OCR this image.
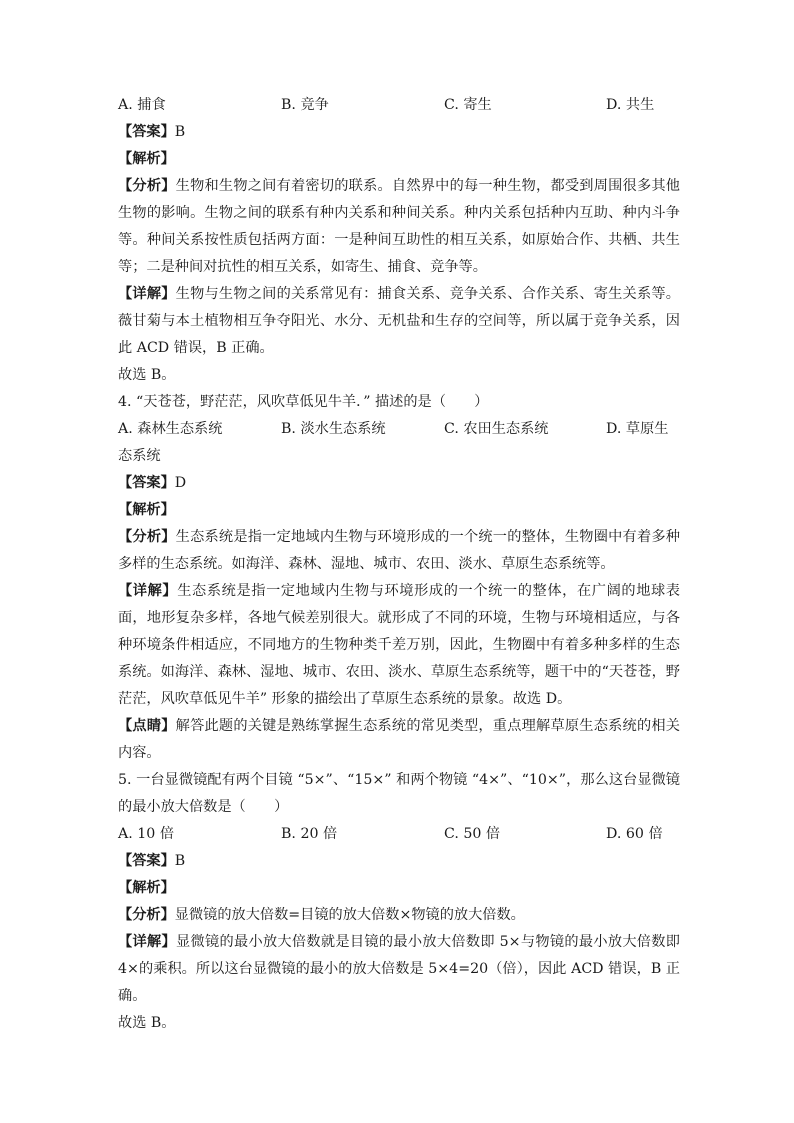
A. 捕食	B. 竞争	C. 寄生	D. 共生
【答案】B
【解析】
【分析】生物和生物之间有着密切的联系。自然界中的每一种生物，都受到周围很多其他生物的影响。生物之间的联系有种内关系和种间关系。种内关系包括种内互助、种内斗争等。种间关系按性质包括两方面：一是种间互助性的相互关系，如原始合作、共栖、共生等；二是种间对抗性的相互关系，如寄生、捕食、竞争等。
【详解】生物与生物之间的关系常见有：捕食关系、竞争关系、合作关系、寄生关系等。薇甘菊与本土植物相互争夺阳光、水分、无机盐和生存的空间等，所以属于竞争关系，因此 ACD 错误，B 正确。
故选 B。
4. “天苍苍，野茫茫，风吹草低见牛羊．” 描述的是（　　）
A. 森林生态系统	B. 淡水生态系统	C. 农田生态系统	D. 草原生
态系统
【答案】D
【解析】
【分析】生态系统是指一定地域内生物与环境形成的一个统一的整体，生物圈中有着多种多样的生态系统。如海洋、森林、湿地、城市、农田、淡水、草原生态系统等。
【详解】生态系统是指一定地域内生物与环境形成的一个统一的整体，在广阔的地球表面，地形复杂多样，各地气候差别很大。就形成了不同的环境，生物与环境相适应，与各种环境条件相适应，不同地方的生物种类千差万别，因此，生物圈中有着多种多样的生态系统。如海洋、森林、湿地、城市、农田、淡水、草原生态系统等，题干中的“天苍苍，野茫茫，风吹草低见牛羊” 形象的描绘出了草原生态系统的景象。故选 D。
【点睛】解答此题的关键是熟练掌握生态系统的常见类型，重点理解草原生态系统的相关内容。
5. 一台显微镜配有两个目镜 “5×”、“15×” 和两个物镜 “4×”、“10×”，那么这台显微镜的最小放大倍数是（　　）
A. 10 倍	B. 20 倍	C. 50 倍	D. 60 倍
【答案】B
【解析】
【分析】显微镜的放大倍数=目镜的放大倍数×物镜的放大倍数。
【详解】显微镜的最小放大倍数就是目镜的最小放大倍数即 5×与物镜的最小放大倍数即4×的乘积。所以这台显微镜的最小的放大倍数是 5×4=20（倍），因此 ACD 错误，B 正确。
故选 B。
